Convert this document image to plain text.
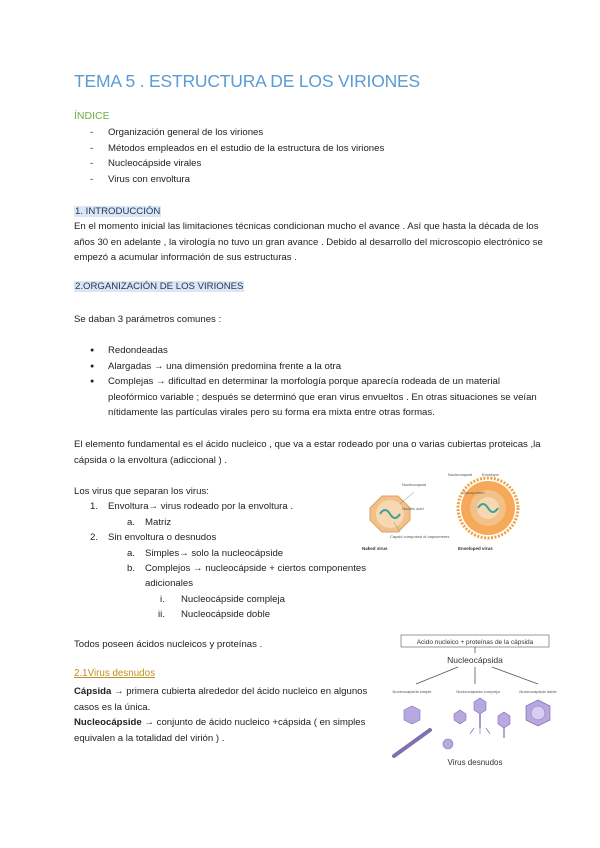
TEMA 5 . ESTRUCTURA DE LOS VIRIONES
ÍNDICE
-	Organización general de los viriones
-	Métodos empleados en el estudio de la estructura de los viriones
-	Nucleocápside virales
-	Virus con envoltura
1. INTRODUCCIÓN
En el momento inicial las limitaciones técnicas condicionan mucho el avance . Así que hasta la década de los
años 30 en adelante , la virología no tuvo un gran avance . Debido al desarrollo del microscopio electrónico se
empezó a acumular información de sus estructuras .
2.ORGANIZACIÓN DE LOS VIRIONES
Se daban 3 parámetros comunes :
●	Redondeadas
●	Alargadas → una dimensión predomina frente a la otra
●	Complejas → dificultad en determinar la morfología porque aparecía rodeada de un material
pleofórmico variable ; después se determinó que eran virus envueltos . En otras situaciones se veían
nítidamente las partículas virales pero su forma era mixta entre otras formas.
El elemento fundamental es el ácido nucleico , que va a estar rodeado por una o varias cubiertas proteicas ,la
cápsida o la envoltura (adiccional ) .
Los virus que separan los virus:
1. Envoltura→ virus rodeado por la envoltura .
a. Matriz
2. Sin envoltura o desnudos
a. Simples→ solo la nucleocápside
b. Complejos → nucleocápside + ciertos componentes
adicionales
i. Nucleocápside compleja
ii. Nucleocápside doble
Todos poseen ácidos nucleicos y proteínas .
2.1Virus desnudos
Cápsida → primera cubierta alrededor del ácido nucleico en algunos
casos es la única.
Nucleocápside → conjunto de ácido nucleico +cápsida ( en simples
equivalen a la totalidad del virión ) .
Nucleocapsid
Nucleic acid
Capsid composed of capsomeres
Naked virus
Nucleocapsid Envelope
Glycoprotein
Enveloped virus
Acido nucleico + proteínas de la cápsida
Nucleocápsida
Nucleocápsida simple	Nucleocápsida compleja	Nucleocápsida doble
Virus desnudos
